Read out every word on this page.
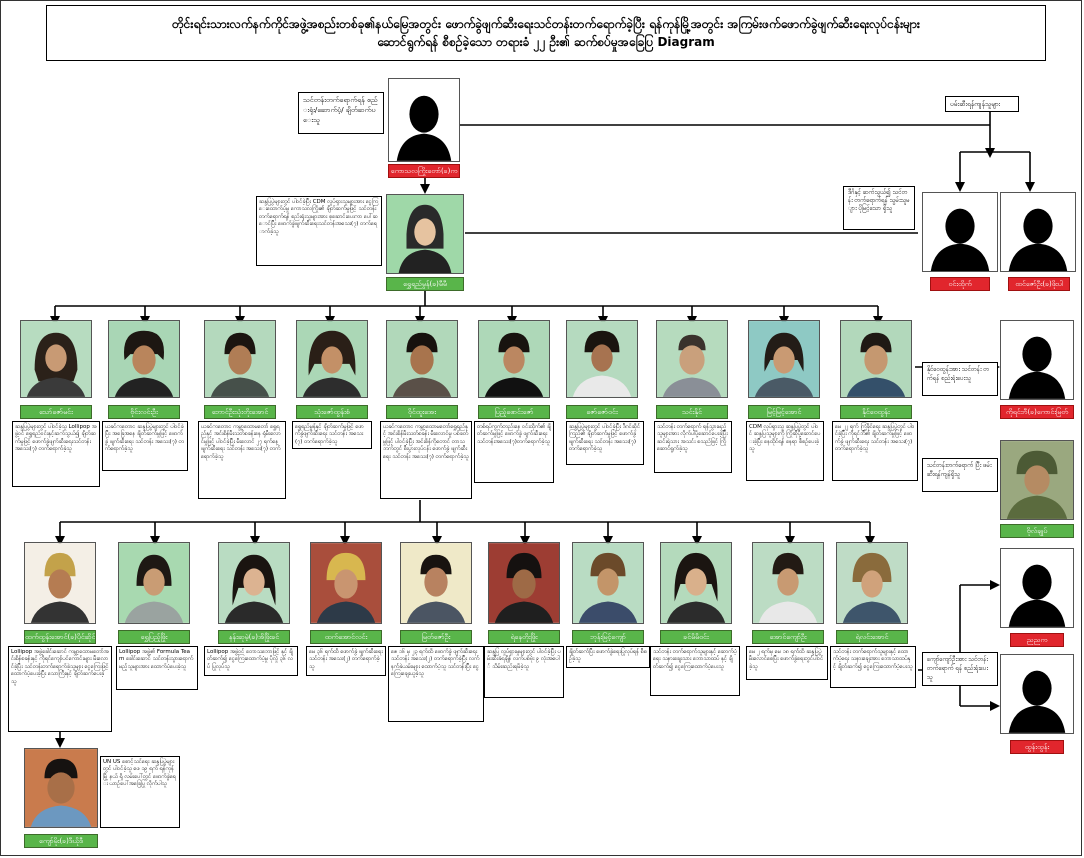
တိုင်းရင်းသားလက်နက်ကိုင်အဖွဲ့အစည်းတစ်ခု၏နယ်မြေအတွင်း ဖောက်ခွဲဖျက်ဆီးရေးသင်တန်းတက်ရောက်ခဲ့ပြီး ရန်ကုန်မြို့အတွင်း အကြမ်းဖက်ဖောက်ခွဲဖျက်ဆီးရေးလုပ်ငန်းများ
ဆောင်ရွက်ရန် စီစဉ်ခဲ့သော တရားခံ ၂၂ ဦး၏ ဆက်စပ်မှုအခြေပြ Diagram
သင်တန်းတက်ရောက်ရန် စည်းရုံး/ဆောက်ပံ့/ ချိတ်ဆက်ပေးသူ
ကောသလကြိုးတော်(ခ)က
ပမ်းဆီးရန်ကျန်သူများ
ဒီင်္ဂနှင့် ဆက်သွယ်၍ သင်တန်း တက်ရောက်ရန် သွမ်းသူများ ပိုမြင့်သော ရှိသူ
ဝင်းထိုက်	ထင်ဇော်ဦး(ခ)ဖိုးပါ
ဆန္ဒပြပွဲများတွင် ပါဝင်ခဲ့ပြီး CDM လှုပ်ရှားသူများအား ငွေကြေးထောက်ပံ့မှု ကောသလကြိုး၏ ချိတ်ဆက်မှုဖြင့် သင်တန်းတက်ရောက်ရန် စည်းရုံးသူများအား စုဆောင်းပေးကာ ပေါ်ဆောင်ပြီး ဖောက်ခွဲဖျက်ဆီးရေးသင်တန်းအသေး(၇) တက်ရောက်ခဲ့သူ
ရွှေရည်မွန်(ခ)မီမီ
သော်ဇော်မင်း
ဆန္ဒပြပွဲများတွင် ပါဝင်ခဲ့သူ Lollipop အဖွဲ့ဝင် ရွှေရည်ဝင်းနှင့်ဆက်သွယ်၍ ချိတ်ဆက်မှုဖြင့် ဖောက်ခွဲဖျက်ဆီးရေးသင်တန်း အသေး(၇) တက်ရောက်ခဲ့သူ
ဗိုင်းလင်းဦး
ယခင်ကတောင ဆန္ဒပြပွဲများတွင် ပါဝင်ခဲ့ပြီး အခြေအနေ ချိတ်ဆက်မှုဖြင့် ဖောက်ခွဲ ဖျက်ဆီးရေး သင်တန်း အသေး(၇) တက်ရောက်ခဲ့သူ
ဘောင်ဦးသုံးတိုးအောင်
ယခင်ကတောင ကမ္ဘာ့ထောမတော် ရွှေရည်နှင့် အင်းစိန်မီးသတ်စခန်းနေ ရုံမီးလောင်မှုဖြင့် ပါဝင်ခဲ့ပြီး မီးလောင် ၂၇ ရက်နေ့ ဖျက်ဆီးရေး သင်တန်း အသေး(၇) တက်ရောက်ခဲ့သူ
သုံးဇော်ထွန်းစံ
ရွှေရည်မွန်နှင့် ချိတ်ဆက်မှုဖြင့် ဖောက်ခွဲဖျက်ဆီးရေး သင်တန်း အသေး(၇) တက်ရောက်ခဲ့သူ
ဝိုင်ထူးအေး
ယခင်ကတောင ကမ္ဘာ့ထောမတော်ရွှေရည်နှင့် အင်းစိန်မီးသတ်စခန်း မီးလောင်မှု ပစ်ခတ်မှုဖြင့် ပါဝင်ခဲ့ပြီး အင်းစိန်ကိုတောင် တာသဘက်တွင် စီးပွားလုပ်ငန်း ဖောက်ခွဲ ဖျက်ဆီးရေး သင်တန်း အသေး(၇) တက်ရောက်ခဲ့သူ
ပြည့်ဖောင်းဇော်
တစ်ရပ်ကွက်တည်းနေ ဝင်းထိုက်၏ ချိတ်ဆက်မှုဖြင့် ဖောက်ခွဲ ဖျက်ဆီးရေး သင်တန်းအသေး(၇)တက်ရောက်ခဲ့သူ
ဇော်ဇော်ဝင်း
ဆန္ဒပြပွဲများတွင် ပါဝင်ခဲ့ပြီး ဒီဂင်ဆိုင်ကြည်၏ ချိတ်ဆက်မှုဖြင့် ဖောက်ခွဲ ဖျက်ဆီးရေး သင်တန်း အသေး(၇)တက်ရောက်ခဲ့သူ
သင်းနိုင်
သင်တန်း တက်ရောက် ရန်သွားမည့်သူများအား လိုက်ပါပို့ဆောင်ပေးခဲ့ပြီး ဆင်းရဲသား အသင်း စသည်ဖြင့် ကြို ဆောင်ရွက်ခဲ့သူ
မြင့်မြင့်အောင်
CDM လုပ်ရှားသူ ဆန္ဒပြပွဲတွင် ပါဝင် ဆန္ဒပြသူများကို ကြိုဆိုပို့ဆောင်ပေးခဲ့ပြီး နေထိုင်ရန် နေရာ စီစဉ်ပေးခဲ့သူ
နိုင်ဝေထွန်း
မေ ၂၂ ရက် ကြံ့ခိုင်ရေး ဆန္ဒပြပွဲတွင် ပါဝင်ခဲ့ပြီး ကိုရင်ဘီ၏ ချိတ်ဆက်မှုဖြင့် ဖောက်ခွဲ ဖျက်ဆီးရေး သင်တန်း အသေး(၇) တက်ရောက်ခဲ့သူ
နိုင်ဝေထွန်းအား သင်တန်း တက်ရန် စည်းရုံးပေးသူ
ကိုရင်ဘီ(ခ)ကောင်းမြတ်
သင်တန်းတက်ရောက် ပြီး ဖမ်းဆီးရန်ကျန်ရှိသူ
ဗိုလ်ချုပ်
ထက်ထွန်းအောင်(ခ)ပိုင်ဆိုင်
Lollipop အဖွဲ့ခေါင်းဆောင် ကမ္ဘာ့ထောမတော်အင်းစိန်စခန်းနှင့် ကိုရင်ကျော်ပင်ကောင်းများ မီးလောင်ခဲ့ပြီး သင်တန်းတက်ရောက်ခဲ့သူများ ငွေကြေးဖြင့် ထောက်ပံ့ပေးခဲ့ပြီး သောကြီးနှင့် ချိတ်ဆက်ပေးခဲ့သူ
ရွှေပြည့်ဖြိုး
Lollipop အဖွဲ့၏ Formula Team ခေါင်းဆောင် သင်တန်းသွားရောက်မည့်သူများအား ထောက်ပံ့ပေးခဲ့သူ
နန်းဆုမဲ့(ခ)အိဖြိုးခင်
Lollipop အဖွဲ့ဝင် တောသဘောဖြင့် နှင့် ချိတ်ဆက်၍ ငွေကြေးထောက်ပံ့မှု ပိုလှုံ ၃၆ လပ် ပြုလုပ်သူ
ထက်အောင်လင်း
မေ ၃၆ ရက်ထိ ဖောက်ခွဲ ဖျက်ဆီးရေး သင်တန်း အသေး(၂) တက်ရောက်ခဲ့သူ
မြတ်ဇော်ဦး
ဧေ ၁၆ မှ ၂၃ ရက်ထိ ဖောက်ခွဲ ဖျက်ဆီးရေး သင်တန်း အသေး(၂) တက်ရောက်ခဲ့ပြီး လက်နက်ခဲယမ်းများ ထောက်ပံ့သူ သင်တန်းပြီး ငွေကြေးချေးယူခဲ့သူ
ရဲနေတိုးဖြိုး
ဆန္ဒပြ လှုပ်ရှားမှုများတွင် ပါဝင်ခဲ့ပြီး ပမ်းဆီးခံရချိန် လက်ပစ်ဗုံး ၉ လုံးအပေါ် သိမ်းဆည်းရမိခဲ့သူ
ဘုန်းမြင့်ကျော်
ချိတ်ဆက်ပြီး ဖောက်ခွဲရေးပြုလုပ်ရန် စီစဉ်ခဲ့သူ
ခင်မိမိဝင်း
သင်တန်း တက်ရောက်သူများနှင့် ဆောက်ပံ့ရေး သနားချေးသား ဘောသာထပ် နှင့် ချိတ်ဆက်၍ ငွေကြေးထောက်ပံ့ပေးသူ
အောင်ကျော်ဦး
မေ ၂ ရက်မှ မေ ၁၈ ရက်ထိ ဆန္ဒပြပွဲ မီးလောင်စေပြီး ဖောက်ခွဲရေးတွင်ပါဝင်ခဲ့သူ
ရဲလင်းအောင်
သင်တန်း တက်ရောက်သူများနှင့် ထောက်ပံ့ရေး သနားချေးအား ဘောသာထပ်နှင့် ချိတ်ဆက်၍ ငွေကြေးထောက်ပံ့ပေးသူ
ကျော်ကျော်ဦးအား သင်တန်းတက်ရောက် ရန် စည်းရုံးပေးသူ
ညညက
ထွန်းထွန်း
ကျော်မိုး(ခ)ဒီယိုဒီ
UN US စောင့်သင်ရေး ဆန္ဒပြပွဲများတွင် ပါဝင်ခဲ့သူ ဖေ ၁၉ ရက် ရန်ကုန်မြို့ နယ် ရှိ လမ်းပေါ်တွင် ဖောက်ခွဲရေး ယာဉ်ပေါ်အခြေပြု လိုက်ပါသူ
